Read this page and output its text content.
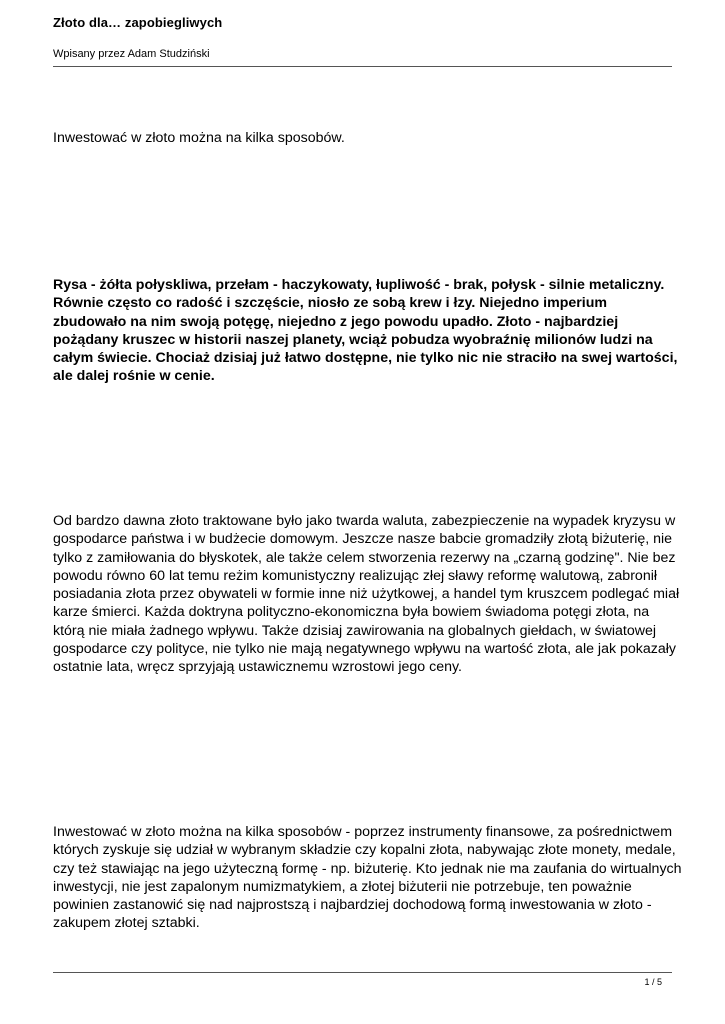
Złoto dla… zapobiegliwych
Wpisany przez Adam Studziński

Inwestować w złoto można na kilka sposobów.

Rysa - żółta połyskliwa, przełam - haczykowaty, łupliwość - brak, połysk - silnie metaliczny. Równie często co radość i szczęście, niosło ze sobą krew i łzy. Niejedno imperium zbudowało na nim swoją potęgę, niejedno z jego powodu upadło. Złoto - najbardziej pożądany kruszec w historii naszej planety, wciąż pobudza wyobraźnię milionów ludzi na całym świecie. Chociaż dzisiaj już łatwo dostępne, nie tylko nic nie straciło na swej wartości, ale dalej rośnie w cenie.

Od bardzo dawna złoto traktowane było jako twarda waluta, zabezpieczenie na wypadek kryzysu w gospodarce państwa i w budżecie domowym. Jeszcze nasze babcie gromadziły złotą biżuterię, nie tylko z zamiłowania do błyskotek, ale także celem stworzenia rezerwy na „czarną godzinę". Nie bez powodu równo 60 lat temu reżim komunistyczny realizując złej sławy reformę walutową, zabronił posiadania złota przez obywateli w formie inne niż użytkowej, a handel tym kruszcem podlegać miał karze śmierci. Każda doktryna polityczno-ekonomiczna była bowiem świadoma potęgi złota, na którą nie miała żadnego wpływu. Także dzisiaj zawirowania na globalnych giełdach, w światowej gospodarce czy polityce, nie tylko nie mają negatywnego wpływu na wartość złota, ale jak pokazały ostatnie lata, wręcz sprzyjają ustawicznemu wzrostowi jego ceny.

Inwestować w złoto można na kilka sposobów - poprzez instrumenty finansowe, za pośrednictwem których zyskuje się udział w wybranym składzie czy kopalni złota, nabywając złote monety, medale, czy też stawiając na jego użyteczną formę - np. biżuterię. Kto jednak nie ma zaufania do wirtualnych inwestycji, nie jest zapalonym numizmatykiem, a złotej biżuterii nie potrzebuje, ten poważnie powinien zastanowić się nad najprostszą i najbardziej dochodową formą inwestowania w złoto - zakupem złotej sztabki.

1 / 5
